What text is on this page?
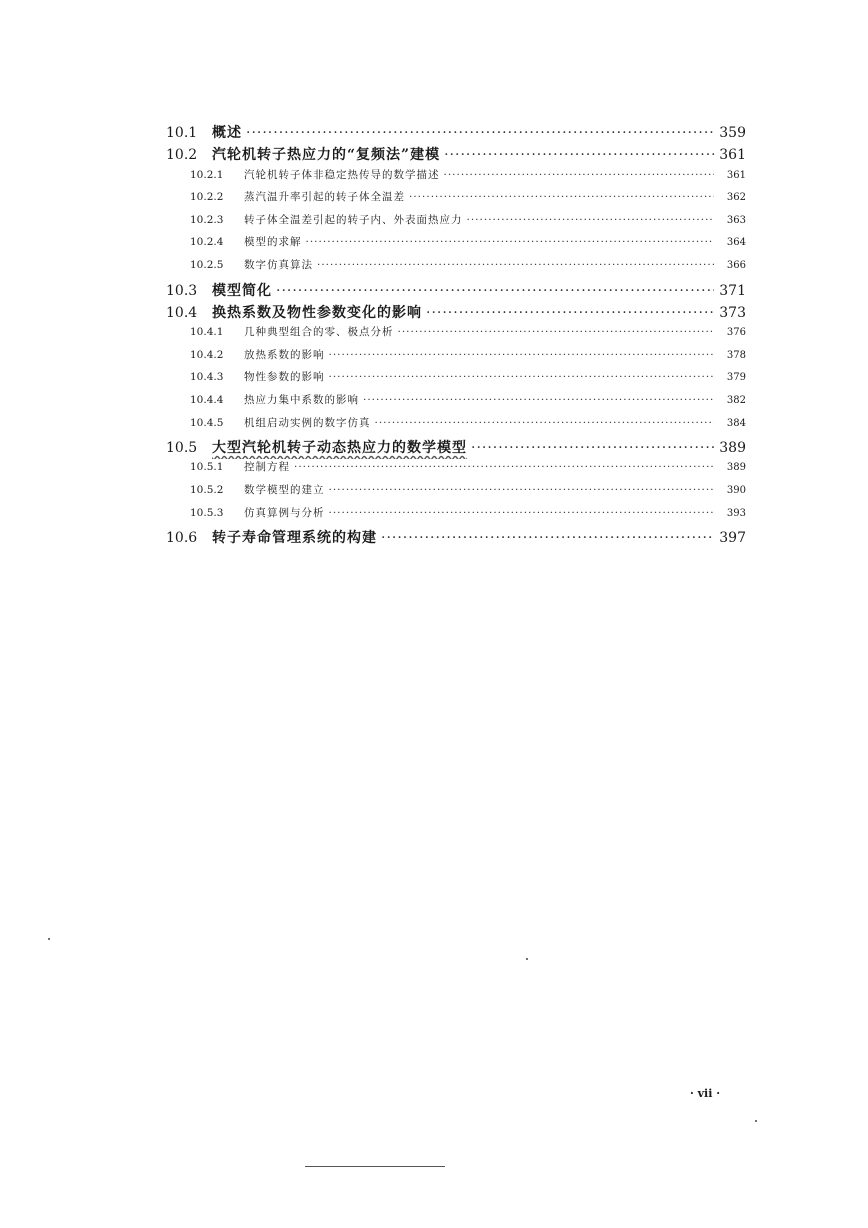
10.1	概述 ·····	359
10.2	汽轮机转子热应力的“复频法”建模 ·····	361
10.2.1	汽轮机转子体非稳定热传导的数学描述 ·····	361
10.2.2	蒸汽温升率引起的转子体全温差 ·····	362
10.2.3	转子体全温差引起的转子内、外表面热应力 ·····	363
10.2.4	模型的求解 ·····	364
10.2.5	数字仿真算法 ·····	366
10.3	模型简化 ·····	371
10.4	换热系数及物性参数变化的影响 ·····	373
10.4.1	几种典型组合的零、极点分析 ·····	376
10.4.2	放热系数的影响 ·····	378
10.4.3	物性参数的影响 ·····	379
10.4.4	热应力集中系数的影响 ·····	382
10.4.5	机组启动实例的数字仿真 ·····	384
10.5	大型汽轮机转子动态热应力的数学模型 ·····	389
10.5.1	控制方程 ·····	389
10.5.2	数学模型的建立 ·····	390
10.5.3	仿真算例与分析 ·····	393
10.6	转子寿命管理系统的构建 ·····	397
· vii ·
